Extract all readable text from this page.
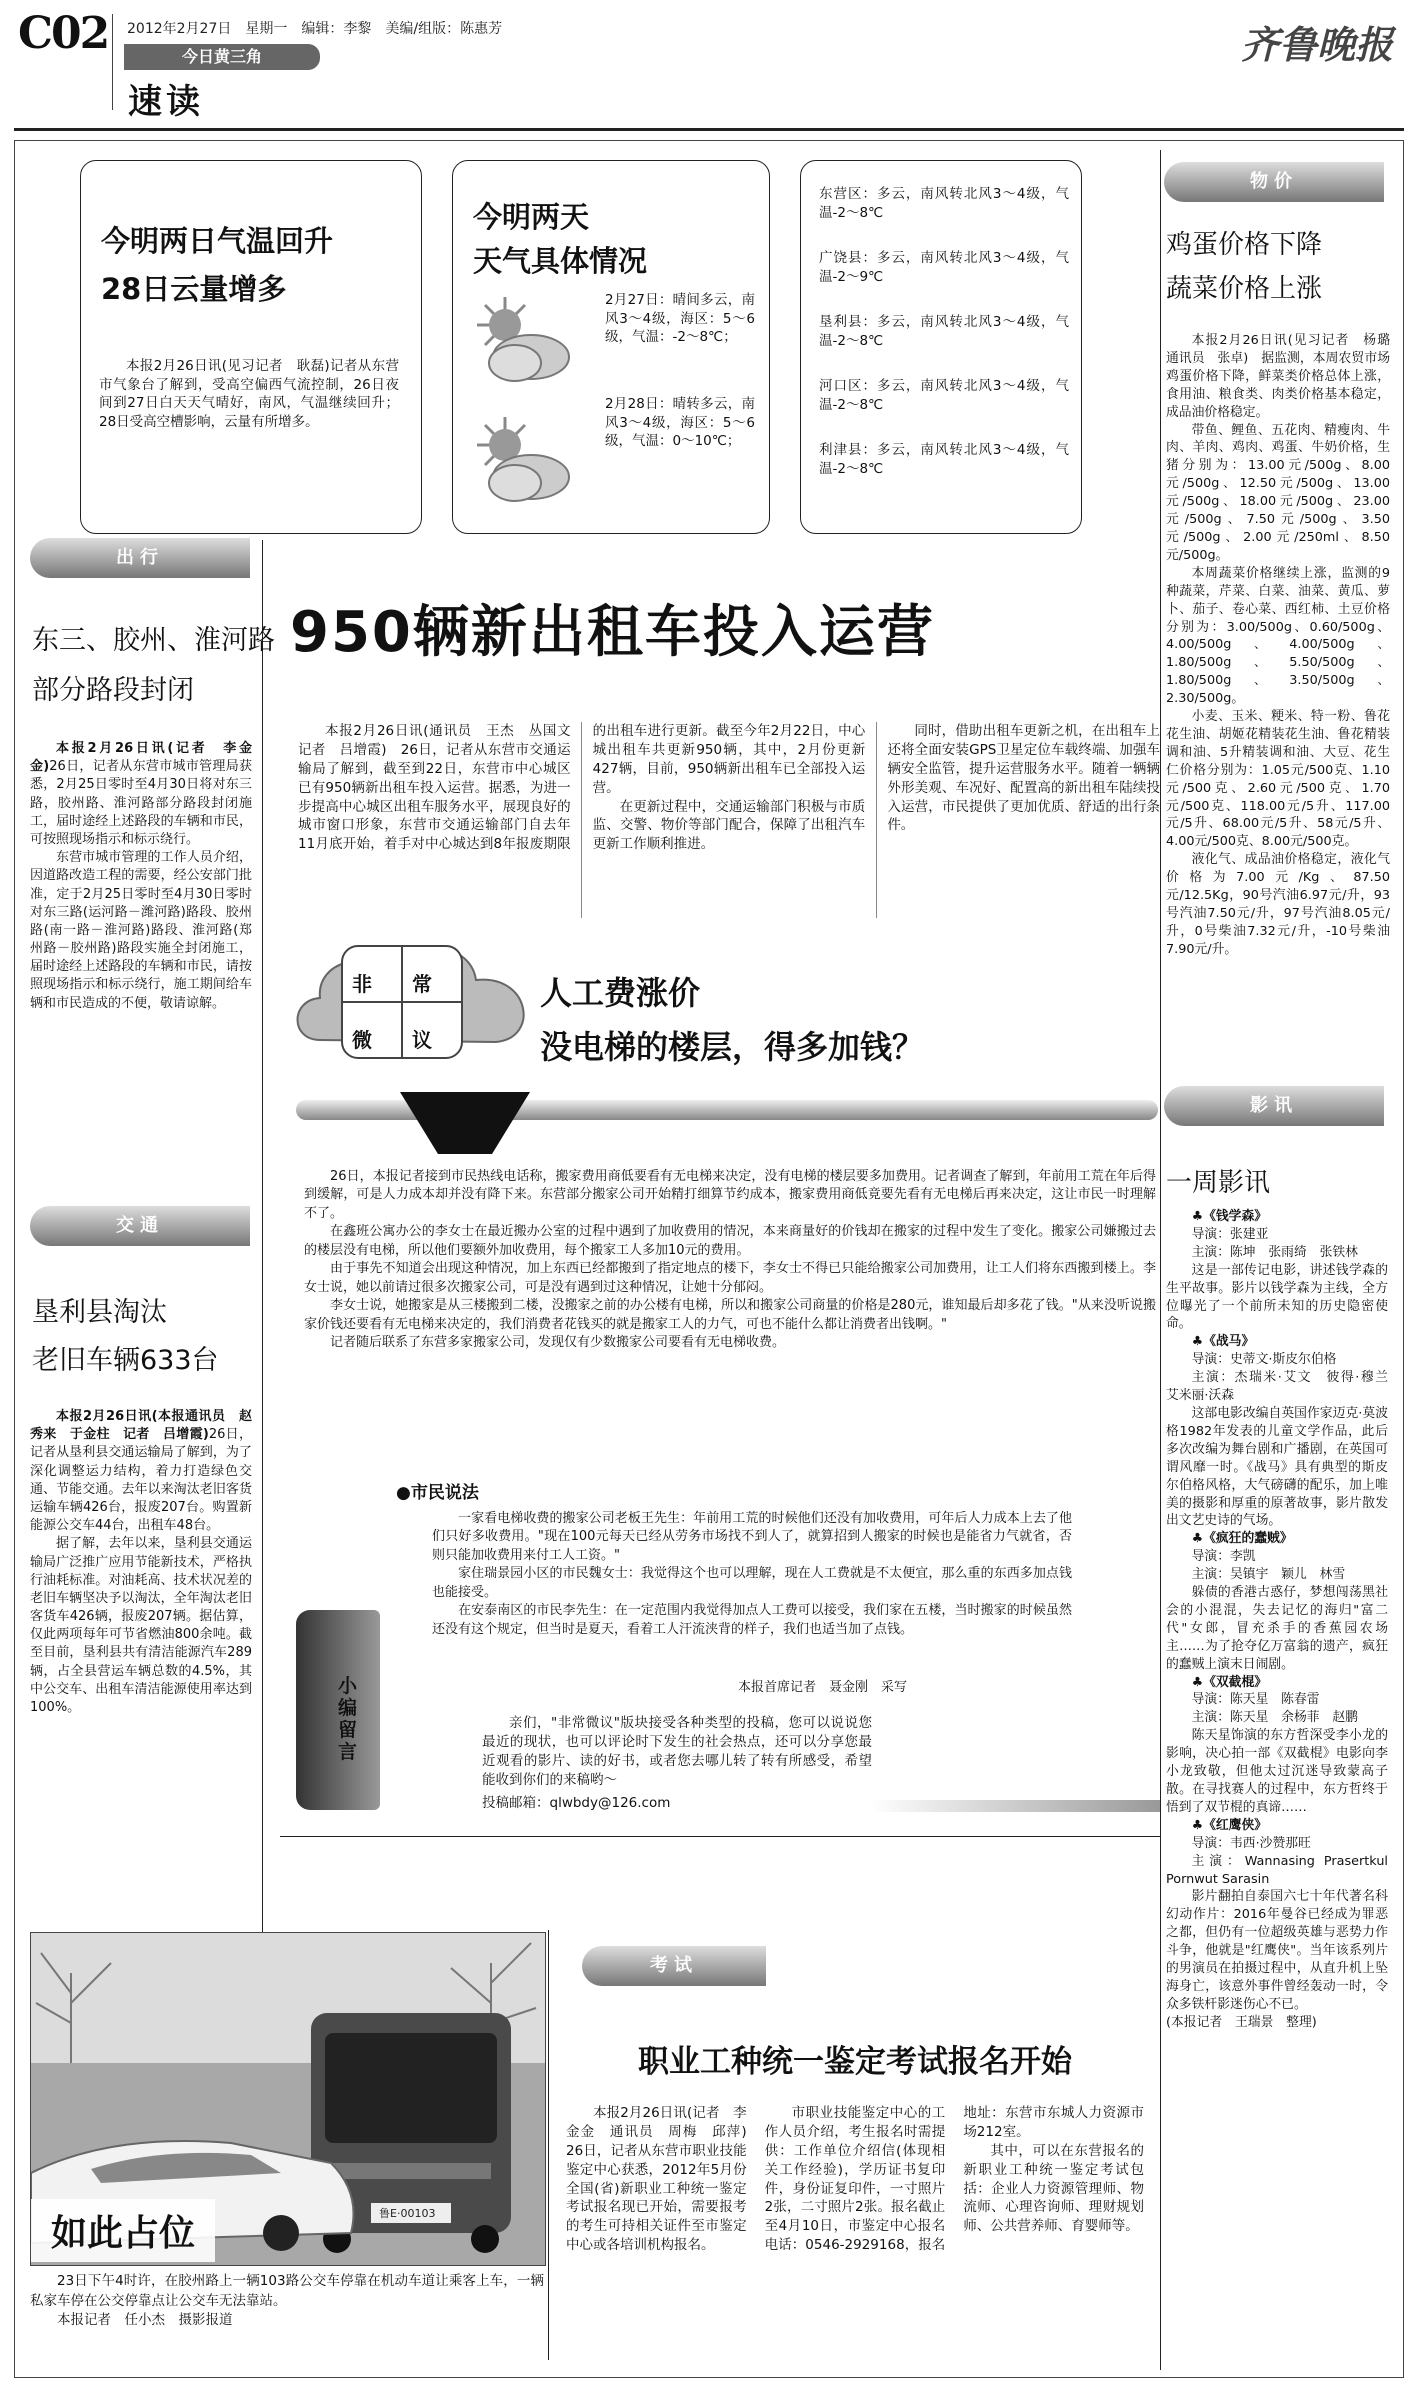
C02 2012年2月27日　星期一　编辑：李黎　美编/组版：陈惠芳
今日黄三角
速读
齐鲁晚报
今明两日气温回升
28日云量增多
本报2月26日讯(见习记者　耿磊)记者从东营市气象台了解到，受高空偏西气流控制，26日夜间到27日白天天气晴好，南风，气温继续回升；28日受高空槽影响，云量有所增多。
今明两天
天气具体情况
2月27日：晴间多云，南风3～4级，海区：5～6级，气温：-2～8℃；
2月28日：晴转多云，南风3～4级，海区：5～6级，气温：0～10℃；
东营区：多云，南风转北风3～4级，气温-2～8℃
广饶县：多云，南风转北风3～4级，气温-2～9℃
垦利县：多云，南风转北风3～4级，气温-2～8℃
河口区：多云，南风转北风3～4级，气温-2～8℃
利津县：多云，南风转北风3～4级，气温-2～8℃
出行
东三、胶州、淮河路
部分路段封闭

本报2月26日讯(记者　李金金)26日，记者从东营市城市管理局获悉，2月25日零时至4月30日将对东三路，胶州路、淮河路部分路段封闭施工，届时途经上述路段的车辆和市民，可按照现场指示和标示绕行。

东营市城市管理的工作人员介绍，因道路改造工程的需要，经公安部门批准，定于2月25日零时至4月30日零时对东三路(运河路－潍河路)路段、胶州路(南一路－淮河路)路段、淮河路(郑州路－胶州路)路段实施全封闭施工，届时途经上述路段的车辆和市民，请按照现场指示和标示绕行，施工期间给车辆和市民造成的不便，敬请谅解。

交通
垦利县淘汰
老旧车辆633台

本报2月26日讯(本报通讯员　赵秀来　于金柱　记者　吕增霞)26日，记者从垦利县交通运输局了解到，为了深化调整运力结构，着力打造绿色交通、节能交通。去年以来淘汰老旧客货运输车辆426台，报废207台。购置新能源公交车44台，出租车48台。

据了解，去年以来，垦利县交通运输局广泛推广应用节能新技术，严格执行油耗标准。对油耗高、技术状况差的老旧车辆坚决予以淘汰，全年淘汰老旧客货车426辆，报废207辆。据估算，仅此两项每年可节省燃油800余吨。截至目前，垦利县共有清洁能源汽车289辆，占全县营运车辆总数的4.5%，其中公交车、出租车清洁能源使用率达到100%。

950辆新出租车投入运营

本报2月26日讯(通讯员　王杰　丛国文　记者　吕增霞)　26日，记者从东营市交通运输局了解到，截至到22日，东营市中心城区已有950辆新出租车投入运营。据悉，为进一步提高中心城区出租车服务水平，展现良好的城市窗口形象，东营市交通运输部门自去年11月底开始，着手对中心城达到8年报废期限的出租车进行更新。截至今年2月22日，中心城出租车共更新950辆，其中，2月份更新427辆，目前，950辆新出租车已全部投入运营。

在更新过程中，交通运输部门积极与市质监、交警、物价等部门配合，保障了出租汽车更新工作顺利推进。

同时，借助出租车更新之机，在出租车上还将全面安装GPS卫星定位车载终端、加强车辆安全监管，提升运营服务水平。随着一辆辆外形美观、车况好、配置高的新出租车陆续投入运营，市民提供了更加优质、舒适的出行条件。

非 常
微 议
人工费涨价
没电梯的楼层，得多加钱？

26日，本报记者接到市民热线电话称，搬家费用商低要看有无电梯来决定，没有电梯的楼层要多加费用。记者调查了解到，年前用工荒在年后得到缓解，可是人力成本却并没有降下来。东营部分搬家公司开始精打细算节约成本，搬家费用商低竟要先看有无电梯后再来决定，这让市民一时理解不了。

在鑫班公寓办公的李女士在最近搬办公室的过程中遇到了加收费用的情况，本来商量好的价钱却在搬家的过程中发生了变化。搬家公司嫌搬过去的楼层没有电梯，所以他们要额外加收费用，每个搬家工人多加10元的费用。

由于事先不知道会出现这种情况，加上东西已经都搬到了指定地点的楼下，李女士不得已只能给搬家公司加费用，让工人们将东西搬到楼上。李女士说，她以前请过很多次搬家公司，可是没有遇到过这种情况，让她十分郁闷。

李女士说，她搬家是从三楼搬到二楼，没搬家之前的办公楼有电梯，所以和搬家公司商量的价格是280元，谁知最后却多花了钱。"从来没听说搬家价钱还要看有无电梯来决定的，我们消费者花钱买的就是搬家工人的力气，可也不能什么都让消费者出钱啊。"

记者随后联系了东营多家搬家公司，发现仅有少数搬家公司要看有无电梯收费。

●市民说法

一家看电梯收费的搬家公司老板王先生：年前用工荒的时候他们还没有加收费用，可年后人力成本上去了他们只好多收费用。"现在100元每天已经从劳务市场找不到人了，就算招到人搬家的时候也是能省力气就省，否则只能加收费用来付工人工资。"

家住瑞景园小区的市民魏女士：我觉得这个也可以理解，现在人工费就是不太便宜，那么重的东西多加点钱也能接受。

在安泰南区的市民李先生：在一定范围内我觉得加点人工费可以接受，我们家在五楼，当时搬家的时候虽然还没有这个规定，但当时是夏天，看着工人汗流浃背的样子，我们也适当加了点钱。

本报首席记者　聂金刚　采写
小编留言

亲们，"非常微议"版块接受各种类型的投稿，您可以说说您最近的现状，也可以评论时下发生的社会热点，还可以分享您最近观看的影片、读的好书，或者您去哪儿转了转有所感受，希望能收到你们的来稿哟～

投稿邮箱：qlwbdy@126.com

鲁E·00103
如此占位

23日下午4时许，在胶州路上一辆103路公交车停靠在机动车道让乘客上车，一辆私家车停在公交停靠点让公交车无法靠站。

本报记者　任小杰　摄影报道

考试
职业工种统一鉴定考试报名开始

本报2月26日讯(记者　李金金　通讯员　周梅　邱萍)　26日，记者从东营市职业技能鉴定中心获悉，2012年5月份全国(省)新职业工种统一鉴定考试报名现已开始，需要报考的考生可持相关证件至市鉴定中心或各培训机构报名。

市职业技能鉴定中心的工作人员介绍，考生报名时需提供：工作单位介绍信(体现相关工作经验)，学历证书复印件，身份证复印件，一寸照片2张，二寸照片2张。报名截止至4月10日，市鉴定中心报名电话：0546-2929168，报名地址：东营市东城人力资源市场212室。

其中，可以在东营报名的新职业工种统一鉴定考试包括：企业人力资源管理师、物流师、心理咨询师、理财规划师、公共营养师、育婴师等。

物价
鸡蛋价格下降
蔬菜价格上涨

本报2月26日讯(见习记者　杨璐　通讯员　张卓)　据监测，本周农贸市场鸡蛋价格下降，鲜菜类价格总体上涨，食用油、粮食类、肉类价格基本稳定，成品油价格稳定。

带鱼、鲤鱼、五花肉、精瘦肉、牛肉、羊肉、鸡肉、鸡蛋、牛奶价格，生猪分别为：13.00元/500g、8.00元/500g、12.50元/500g、13.00元/500g、18.00元/500g、23.00元/500g、7.50元/500g、3.50元/500g、2.00元/250ml、8.50元/500g。

本周蔬菜价格继续上涨，监测的9种蔬菜，芹菜、白菜、油菜、黄瓜、萝卜、茄子、卷心菜、西红柿、土豆价格分别为：3.00/500g、0.60/500g、4.00/500g、4.00/500g、1.80/500g、5.50/500g、1.80/500g、3.50/500g、2.30/500g。

小麦、玉米、粳米、特一粉、鲁花花生油、胡姬花精装花生油、鲁花精装调和油、5升精装调和油、大豆、花生仁价格分别为：1.05元/500克、1.10元/500克、2.60元/500克、1.70元/500克、118.00元/5升、117.00元/5升、68.00元/5升、58元/5升、4.00元/500克、8.00元/500克。

液化气、成品油价格稳定，液化气价格为7.00元/Kg、87.50元/12.5Kg，90号汽油6.97元/升，93号汽油7.50元/升，97号汽油8.05元/升，0号柴油7.32元/升，-10号柴油7.90元/升。

影讯
一周影讯

♣《钱学森》

导演：张建亚

主演：陈坤　张雨绮　张铁林

这是一部传记电影，讲述钱学森的生平故事。影片以钱学森为主线，全方位曝光了一个前所未知的历史隐密使命。

♣《战马》

导演：史蒂文·斯皮尔伯格

主演：杰瑞米·艾文　彼得·穆兰　艾米丽·沃森

这部电影改编自英国作家迈克·莫波格1982年发表的儿童文学作品，此后多次改编为舞台剧和广播剧，在英国可谓风靡一时。《战马》具有典型的斯皮尔伯格风格，大气磅礴的配乐，加上唯美的摄影和厚重的原著故事，影片散发出文艺史诗的气场。

♣《疯狂的蠢贼》

导演：李凯

主演：吴镇宇　颖儿　林雪

躲债的香港古惑仔，梦想闯荡黑社会的小混混，失去记忆的海归"富二代"女郎，冒充杀手的香蕉园农场主……为了抢夺亿万富翁的遗产，疯狂的蠢贼上演末日闹剧。

♣《双截棍》

导演：陈天星　陈春雷

主演：陈天星　余杨菲　赵鹏

陈天星饰演的东方哲深受李小龙的影响，决心拍一部《双截棍》电影向李小龙致敬，但他太过沉迷导致蒙高子散。在寻找赛人的过程中，东方哲终于悟到了双节棍的真谛……

♣《红鹰侠》

导演：韦西·沙赞那旺

主演：Wannasing Prasertkul Pornwut Sarasin

影片翻拍自泰国六七十年代著名科幻动作片：2016年曼谷已经成为罪恶之都，但仍有一位超级英雄与恶势力作斗争，他就是"红鹰侠"。当年该系列片的男演员在拍摄过程中，从直升机上坠海身亡，该意外事件曾经轰动一时，令众多铁杆影迷伤心不已。

(本报记者　王瑞景　整理)
